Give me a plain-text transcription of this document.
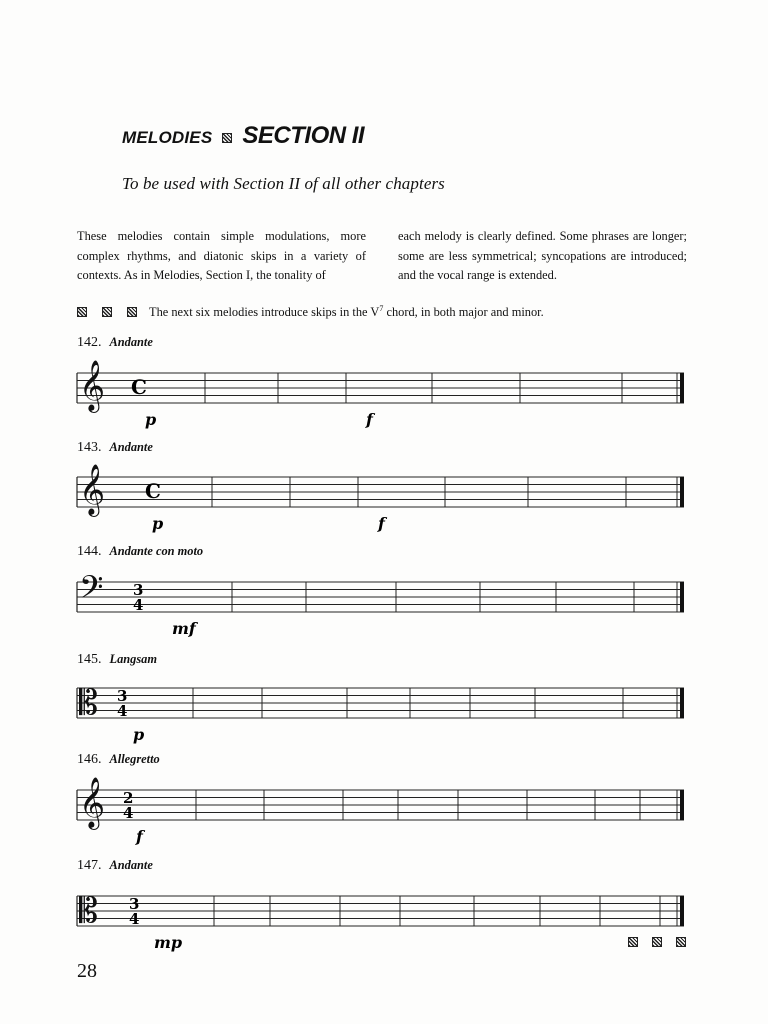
MELODIES SECTION II
To be used with Section II of all other chapters
These melodies contain simple modulations, more complex rhythms, and diatonic skips in a variety of contexts. As in Melodies, Section I, the tonality of
each melody is clearly defined. Some phrases are longer; some are less symmetrical; syncopations are introduced; and the vocal range is extended.
The next six melodies introduce skips in the $V^7$ chord, in both major and minor.
142. Andante
143. Andante
144. Andante con moto
145. Langsam
146. Allegretto
147. Andante
𝄞 C
p	f
𝄞 C
p	f
𝄢 3
4
mf
𝄡 3
4
p
𝄞 2
4
f
𝄡 3
4
mp
28
